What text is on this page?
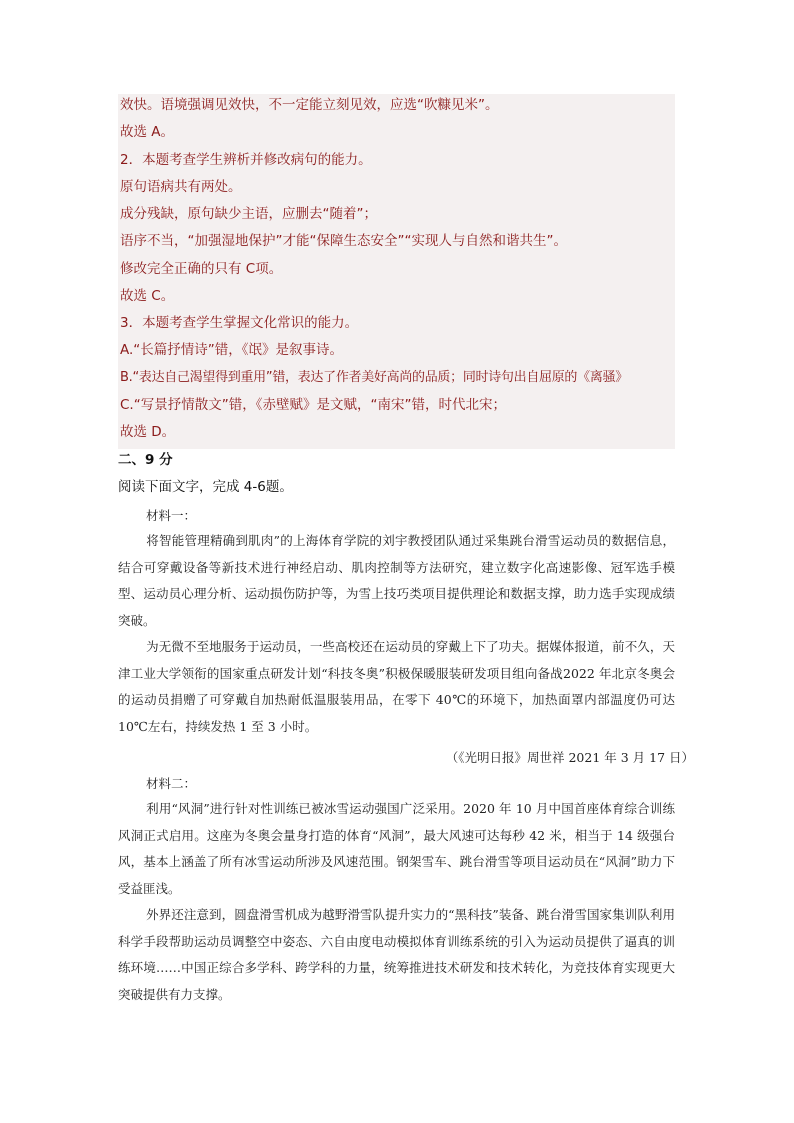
效快。语境强调见效快，不一定能立刻见效，应选“吹糠见米”。
故选 A。
2．本题考查学生辨析并修改病句的能力。
原句语病共有两处。
成分残缺，原句缺少主语，应删去“随着”；
语序不当，“加强湿地保护”才能“保障生态安全”“实现人与自然和谐共生”。
修改完全正确的只有 C项。
故选 C。
3．本题考查学生掌握文化常识的能力。
A.“长篇抒情诗”错，《氓》是叙事诗。
B.“表达自己渴望得到重用”错，表达了作者美好高尚的品质；同时诗句出自屈原的《离骚》
C.“写景抒情散文”错，《赤壁赋》是文赋，“南宋”错，时代北宋；
故选 D。
二、9 分
阅读下面文字，完成 4-6题。
材料一：
将智能管理精确到肌肉”的上海体育学院的刘宇教授团队通过采集跳台滑雪运动员的数据信息，结合可穿戴设备等新技术进行神经启动、肌肉控制等方法研究，建立数字化高速影像、冠军选手模型、运动员心理分析、运动损伤防护等，为雪上技巧类项目提供理论和数据支撑，助力选手实现成绩突破。
为无微不至地服务于运动员，一些高校还在运动员的穿戴上下了功夫。据媒体报道，前不久，天津工业大学领衔的国家重点研发计划“科技冬奥”积极保暖服装研发项目组向备战2022 年北京冬奥会的运动员捐赠了可穿戴自加热耐低温服装用品，在零下 40℃的环境下，加热面罩内部温度仍可达 10℃左右，持续发热 1 至 3 小时。
（《光明日报》周世祥 2021 年 3 月 17 日）
材料二：
利用“风洞”进行针对性训练已被冰雪运动强国广泛采用。2020 年 10 月中国首座体育综合训练风洞正式启用。这座为冬奥会量身打造的体育“风洞”，最大风速可达每秒 42 米，相当于 14 级强台风，基本上涵盖了所有冰雪运动所涉及风速范围。钢架雪车、跳台滑雪等项目运动员在“风洞”助力下受益匪浅。
外界还注意到，圆盘滑雪机成为越野滑雪队提升实力的“黑科技”装备、跳台滑雪国家集训队利用科学手段帮助运动员调整空中姿态、六自由度电动模拟体育训练系统的引入为运动员提供了逼真的训练环境……中国正综合多学科、跨学科的力量，统筹推进技术研发和技术转化，为竞技体育实现更大突破提供有力支撑。
